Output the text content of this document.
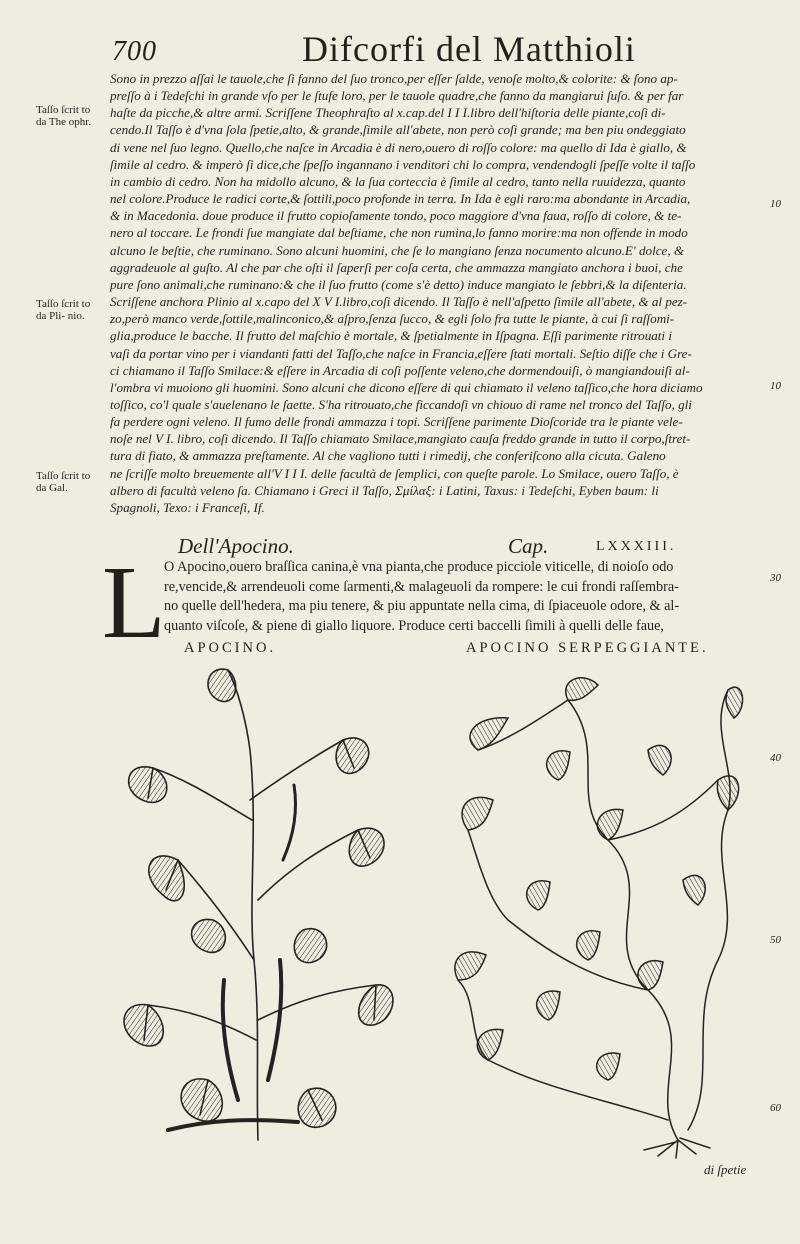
700	Difcorfi del Matthioli

Sono in prezzo aſſai le tauole,che ſi fanno del ſuo tronco,per eſſer ſalde, venoſe molto,& colorite: & ſono ap-

preſſo à i Tedeſchi in grande vſo per le ſtufe loro, per le tauole quadre,che fanno da mangiarui ſuſo. & per far

haſte da picche,& altre armi. Scriſſene Theophraſto al x.cap.del I I I.libro dell'hiſtoria delle piante,coſi di-

cendo.Il Taſſo è d'vna ſola ſpetie,alto, & grande,ſimile all'abete, non però coſi grande; ma ben piu ondeggiato

di vene nel ſuo legno. Quello,che naſce in Arcadia è di nero,ouero di roſſo colore: ma quello di Ida è giallo, &

ſimile al cedro. & imperò ſi dice,che ſpeſſo ingannano i venditori chi lo compra, vendendogli ſpeſſe volte il taſſo

in cambio di cedro. Non ha midollo alcuno, & la ſua corteccia è ſimile al cedro, tanto nella ruuidezza, quanto

nel colore.Produce le radici corte,& ſottili,poco profonde in terra. In Ida è egli raro:ma abondante in Arcadia,

& in Macedonia. doue produce il frutto copioſamente tondo, poco maggiore d'vna faua, roſſo di colore, & te-

nero al toccare. Le frondi ſue mangiate dal beſtiame, che non rumina,lo fanno morire:ma non offende in modo

alcuno le beſtie, che ruminano. Sono alcuni huomini, che ſe lo mangiano ſenza nocumento alcuno.E' dolce, &

aggradeuole al guſto. Al che par che oſti il ſaperſi per coſa certa, che ammazza mangiato anchora i buoi, che

pure ſono animali,che ruminano:& che il ſuo frutto (come s'è detto) induce mangiato le ſebbri,& la diſenteria.

Scriſſene anchora Plinio al x.capo del X V I.libro,coſi dicendo. Il Taſſo è nell'aſpetto ſimile all'abete, & al pez-

zo,però manco verde,ſottile,malinconico,& aſpro,ſenza ſucco, & egli ſolo fra tutte le piante, à cui ſi raſſomi-

glia,produce le bacche. Il frutto del maſchio è mortale, & ſpetialmente in Iſpagna. Eſſi parimente ritrouati i

vaſi da portar vino per i viandanti fatti del Taſſo,che naſce in Francia,eſſere ſtati mortali. Seſtio diſſe che i Gre-

ci chiamano il Taſſo Smilace:& eſſere in Arcadia di coſi poſſente veleno,che dormendouiſi, ò mangiandouiſi al-

l'ombra vi muoiono gli huomini. Sono alcuni che dicono eſſere di qui chiamato il veleno taſſico,che hora diciamo

toſſico, co'l quale s'auelenano le ſaette. S'ha ritrouato,che ficcandoſi vn chiouo di rame nel tronco del Taſſo, gli

fa perdere ogni veleno. Il fumo delle frondi ammazza i topi. Scriſſene parimente Dioſcoride tra le piante vele-

noſe nel V I. libro, coſi dicendo. Il Taſſo chiamato Smilace,mangiato cauſa freddo grande in tutto il corpo,ſtret-

tura di fiato, & ammazza preſtamente. Al che vagliono tutti i rimedij, che conferiſcono alla cicuta. Galeno

ne ſcriſſe molto breuemente all'V I I I. delle facultà de ſemplici, con queſte parole. Lo Smilace, ouero Taſſo, è

albero di facultà veleno ſa. Chiamano i Greci il Taſſo, Σμίλαξ: i Latini, Taxus: i Tedeſchi, Eyben baum: li

Spagnoli, Texo: i Franceſi, If.

Taſſo ſcrit to da The ophr.
Taſſo ſcrit to da Pli- nio.
Taſſo ſcrit to da Gal.
10
10
30
40
50
60
Dell'Apocino.	Cap.	LXXXIII.
L

O Apocino,ouero braſſica canina,è vna pianta,che produce picciole viticelle, di noioſo odo

re,vencide,& arrendeuoli come ſarmenti,& malageuoli da rompere: le cui frondi raſſembra-

no quelle dell'hedera, ma piu tenere, & piu appuntate nella cima, di ſpiaceuole odore, & al-

quanto viſcoſe, & piene di giallo liquore. Produce certi baccelli ſimili à quelli delle faue,

APOCINO.	APOCINO SERPEGGIANTE.
di ſpetie
